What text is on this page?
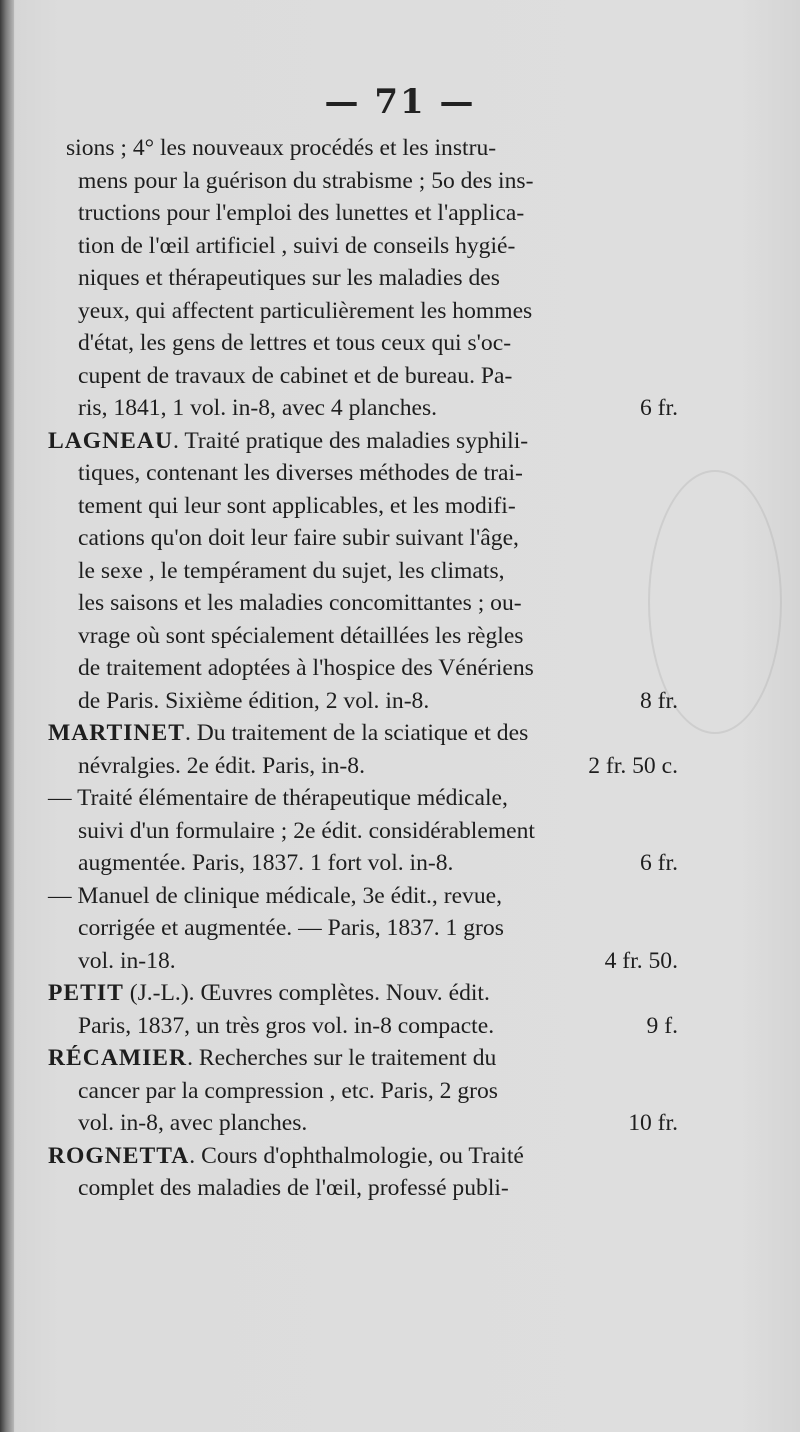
— 71 —
sions ; 4° les nouveaux procédés et les instru-
mens pour la guérison du strabisme ; 5o des ins-
tructions pour l'emploi des lunettes et l'applica-
tion de l'œil artificiel , suivi de conseils hygié-
niques et thérapeutiques sur les maladies des
yeux, qui affectent particulièrement les hommes
d'état, les gens de lettres et tous ceux qui s'oc-
cupent de travaux de cabinet et de bureau. Pa-
ris, 1841, 1 vol. in-8, avec 4 planches.	6 fr.
LAGNEAU. Traité pratique des maladies syphili-
tiques, contenant les diverses méthodes de trai-
tement qui leur sont applicables, et les modifi-
cations qu'on doit leur faire subir suivant l'âge,
le sexe , le tempérament du sujet, les climats,
les saisons et les maladies concomittantes ; ou-
vrage où sont spécialement détaillées les règles
de traitement adoptées à l'hospice des Vénériens
de Paris. Sixième édition, 2 vol. in-8.	8 fr.
MARTINET. Du traitement de la sciatique et des
névralgies. 2e édit. Paris, in-8.	2 fr. 50 c.
— Traité élémentaire de thérapeutique médicale,
suivi d'un formulaire ; 2e édit. considérablement
augmentée. Paris, 1837. 1 fort vol. in-8.	6 fr.
— Manuel de clinique médicale, 3e édit., revue,
corrigée et augmentée. — Paris, 1837. 1 gros
vol. in-18.	4 fr. 50.
PETIT (J.-L.). Œuvres complètes. Nouv. édit.
Paris, 1837, un très gros vol. in-8 compacte.	9 f.
RÉCAMIER. Recherches sur le traitement du
cancer par la compression , etc. Paris, 2 gros
vol. in-8, avec planches.	10 fr.
ROGNETTA. Cours d'ophthalmologie, ou Traité
complet des maladies de l'œil, professé publi-
